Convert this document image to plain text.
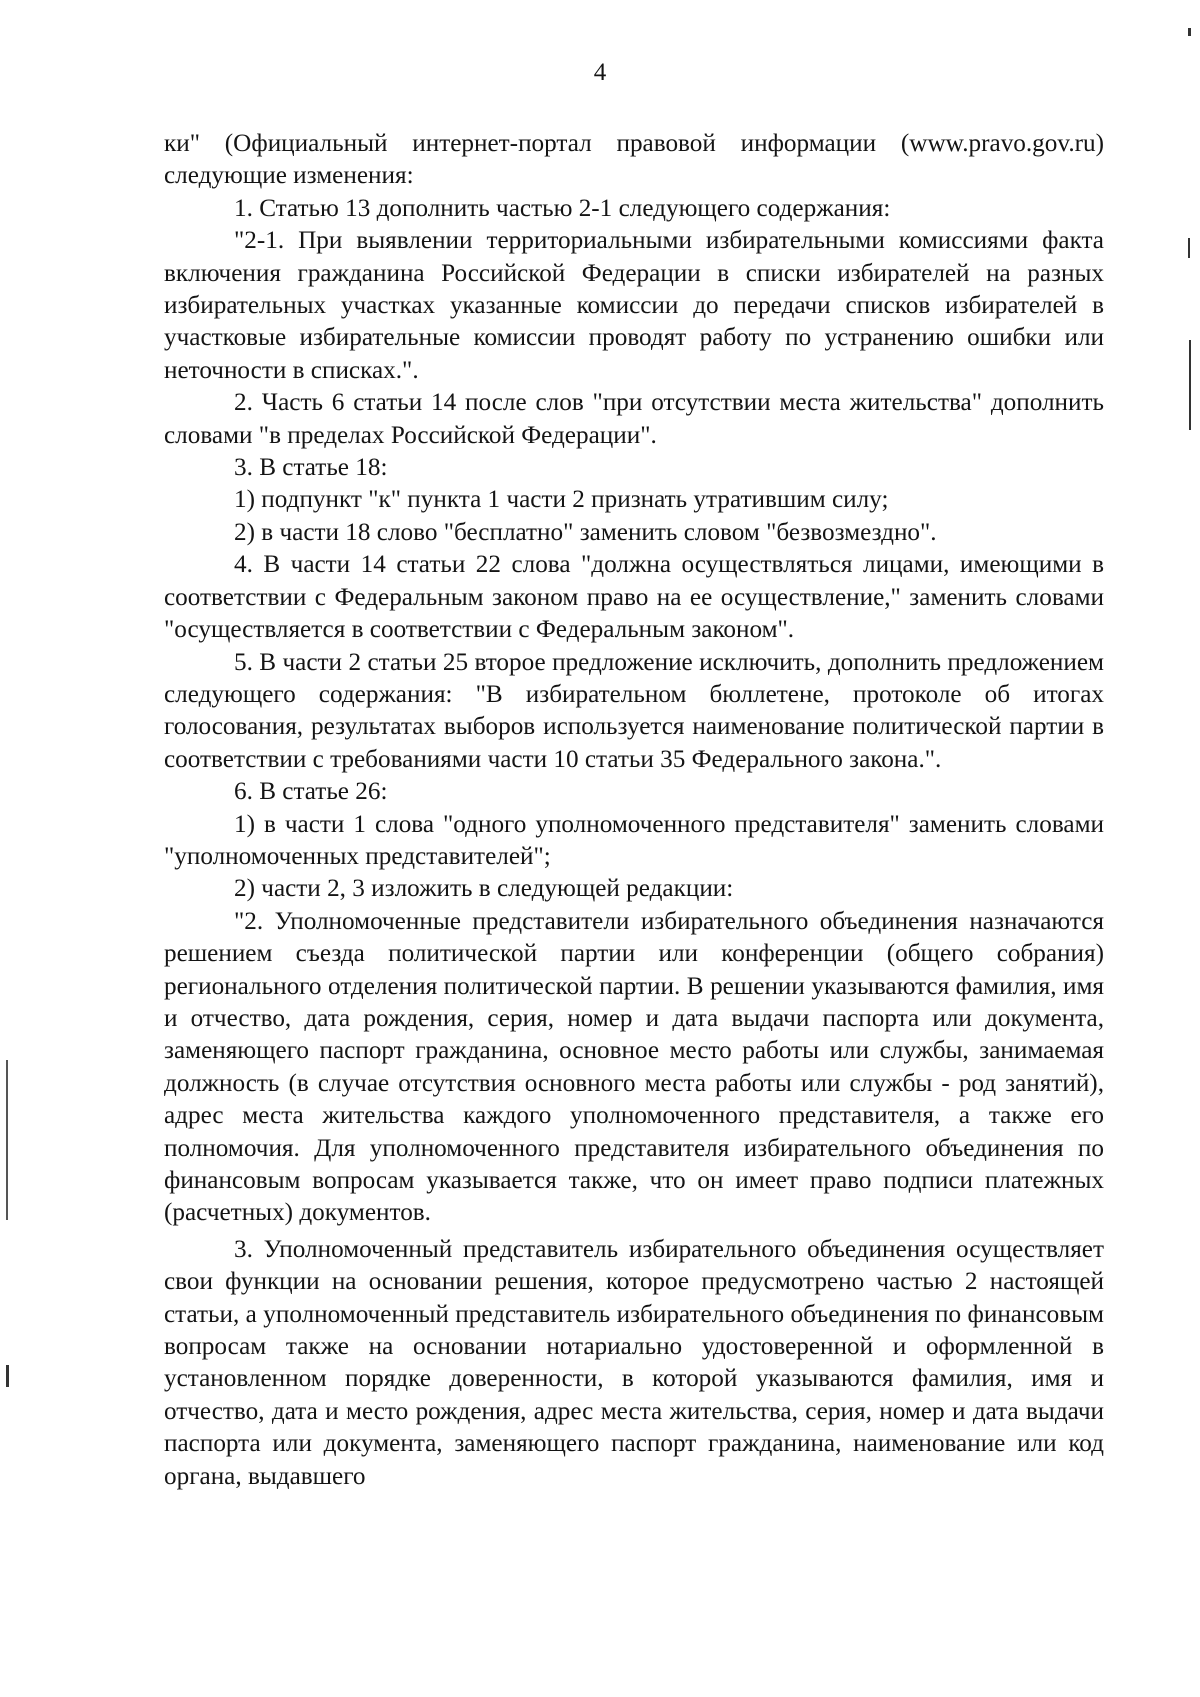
4

ки" (Официальный интернет-портал правовой информации (www.pravo.gov.ru) следующие изменения:

1. Статью 13 дополнить частью 2-1 следующего содержания:

"2-1. При выявлении территориальными избирательными комиссиями факта включения гражданина Российской Федерации в списки избирателей на разных избирательных участках указанные комиссии до передачи списков избирателей в участковые избирательные комиссии проводят работу по устранению ошибки или неточности в списках.".

2. Часть 6 статьи 14 после слов "при отсутствии места жительства" дополнить словами "в пределах Российской Федерации".

3. В статье 18:

1) подпункт "к" пункта 1 части 2 признать утратившим силу;

2) в части 18 слово "бесплатно" заменить словом "безвозмездно".

4. В части 14 статьи 22 слова "должна осуществляться лицами, имеющими в соответствии с Федеральным законом право на ее осуществление," заменить словами "осуществляется в соответствии с Федеральным законом".

5. В части 2 статьи 25 второе предложение исключить, дополнить предложением следующего содержания: "В избирательном бюллетене, протоколе об итогах голосования, результатах выборов используется наименование политической партии в соответствии с требованиями части 10 статьи 35 Федерального закона.".

6. В статье 26:

1) в части 1 слова "одного уполномоченного представителя" заменить словами "уполномоченных представителей";

2) части 2, 3 изложить в следующей редакции:

"2. Уполномоченные представители избирательного объединения назначаются решением съезда политической партии или конференции (общего собрания) регионального отделения политической партии. В решении указываются фамилия, имя и отчество, дата рождения, серия, номер и дата выдачи паспорта или документа, заменяющего паспорт гражданина, основное место работы или службы, занимаемая должность (в случае отсутствия основного места работы или службы - род занятий), адрес места жительства каждого уполномоченного представителя, а также его полномочия. Для уполномоченного представителя избирательного объединения по финансовым вопросам указывается также, что он имеет право подписи платежных (расчетных) документов.

3. Уполномоченный представитель избирательного объединения осуществляет свои функции на основании решения, которое предусмотрено частью 2 настоящей статьи, а уполномоченный представитель избирательного объединения по финансовым вопросам также на основании нотариально удостоверенной и оформленной в установленном порядке доверенности, в которой указываются фамилия, имя и отчество, дата и место рождения, адрес места жительства, серия, номер и дата выдачи паспорта или документа, заменяющего паспорт гражданина, наименование или код органа, выдавшего
